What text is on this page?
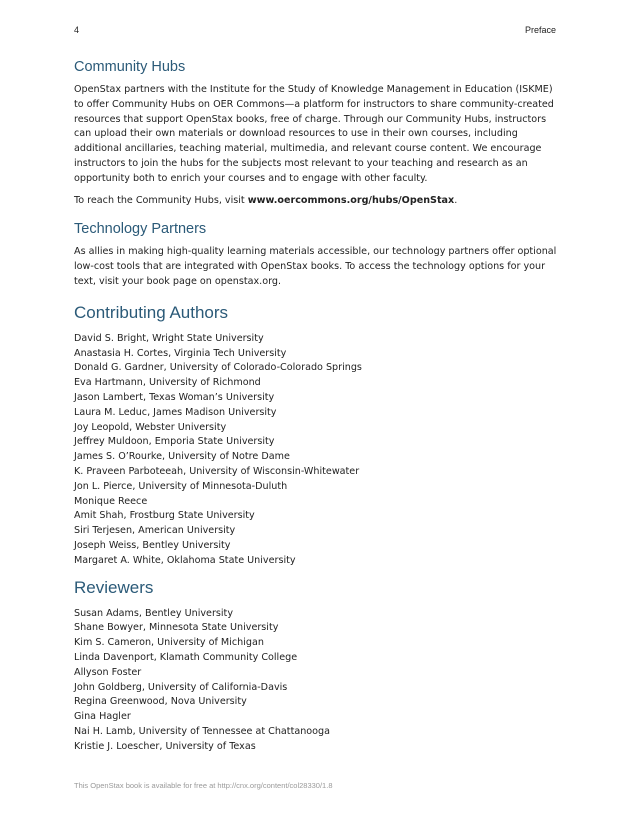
4	Preface
Community Hubs

OpenStax partners with the Institute for the Study of Knowledge Management in Education (ISKME) to offer Community Hubs on OER Commons—a platform for instructors to share community-created resources that support OpenStax books, free of charge. Through our Community Hubs, instructors can upload their own materials or download resources to use in their own courses, including additional ancillaries, teaching material, multimedia, and relevant course content. We encourage instructors to join the hubs for the subjects most relevant to your teaching and research as an opportunity both to enrich your courses and to engage with other faculty.

To reach the Community Hubs, visit www.oercommons.org/hubs/OpenStax.

Technology Partners

As allies in making high-quality learning materials accessible, our technology partners offer optional low-cost tools that are integrated with OpenStax books. To access the technology options for your text, visit your book page on openstax.org.

Contributing Authors
David S. Bright, Wright State University
Anastasia H. Cortes, Virginia Tech University
Donald G. Gardner, University of Colorado-Colorado Springs
Eva Hartmann, University of Richmond
Jason Lambert, Texas Woman’s University
Laura M. Leduc, James Madison University
Joy Leopold, Webster University
Jeffrey Muldoon, Emporia State University
James S. O’Rourke, University of Notre Dame
K. Praveen Parboteeah, University of Wisconsin-Whitewater
Jon L. Pierce, University of Minnesota-Duluth
Monique Reece
Amit Shah, Frostburg State University
Siri Terjesen, American University
Joseph Weiss, Bentley University
Margaret A. White, Oklahoma State University
Reviewers
Susan Adams, Bentley University
Shane Bowyer, Minnesota State University
Kim S. Cameron, University of Michigan
Linda Davenport, Klamath Community College
Allyson Foster
John Goldberg, University of California-Davis
Regina Greenwood, Nova University
Gina Hagler
Nai H. Lamb, University of Tennessee at Chattanooga
Kristie J. Loescher, University of Texas
This OpenStax book is available for free at http://cnx.org/content/col28330/1.8
